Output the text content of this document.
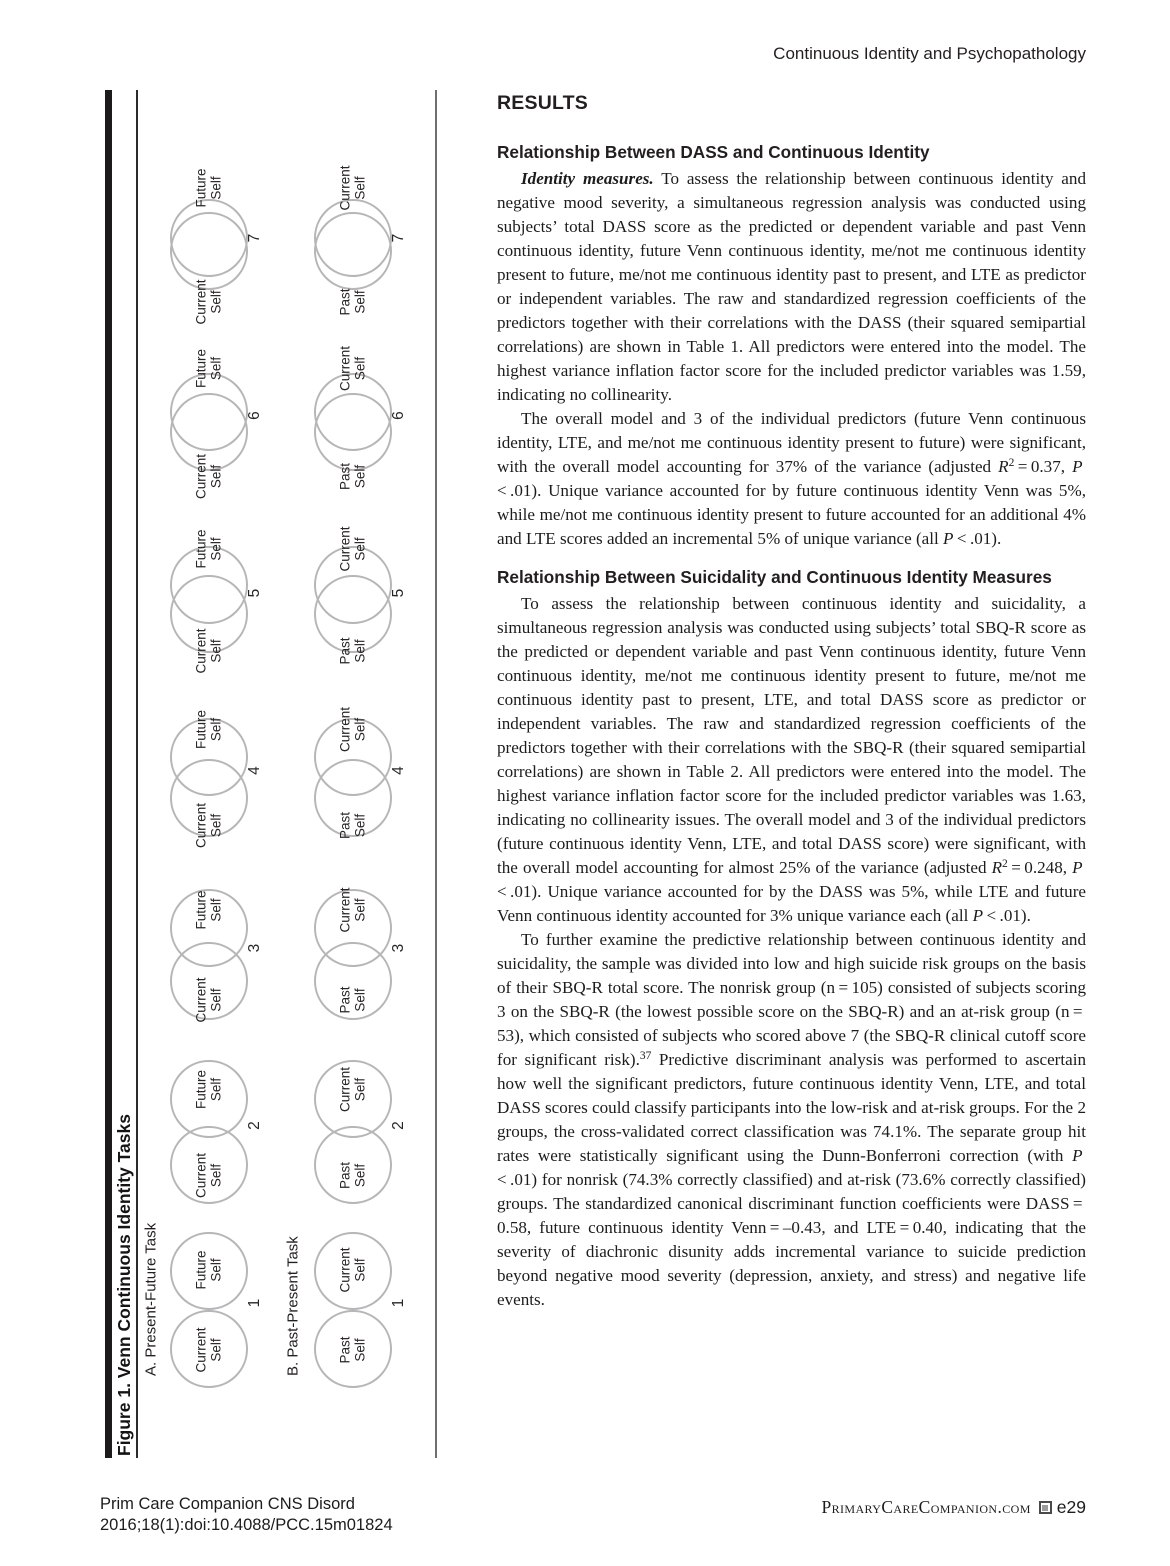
Continuous Identity and Psychopathology
Figure 1. Venn Continuous Identity Tasks A. Present-Future Task	Current
Self
Future
Self
1
Current
Self
Future
Self
2
Current
Self
Future
Self
3
Current
Self
Future
Self
4
Current
Self
Future
Self
5
Current
Self
Future
Self
6
Current
Self
Future
Self
7
B. Past-Present Task	Past
Self
Current
Self
1
Past
Self
Current
Self
2
Past
Self
Current
Self
3
Past
Self
Current
Self
4
Past
Self
Current
Self
5
Past
Self
Current
Self
6
Past
Self
Current
Self
7
RESULTS
Relationship Between DASS and Continuous Identity

Identity measures. To assess the relationship between continuous identity and negative mood severity, a simultaneous regression analysis was conducted using subjects’ total DASS score as the predicted or dependent variable and past Venn continuous identity, future Venn continuous identity, me/not me continuous identity present to future, me/not me continuous identity past to present, and LTE as predictor or independent variables. The raw and standardized regression coefficients of the predictors together with their correlations with the DASS (their squared semipartial correlations) are shown in Table 1. All predictors were entered into the model. The highest variance inflation factor score for the included predictor variables was 1.59, indicating no collinearity.

The overall model and 3 of the individual predictors (future Venn continuous identity, LTE, and me/not me continuous identity present to future) were significant, with the overall model accounting for 37% of the variance (adjusted $R^2 = 0.37$, P < .01). Unique variance accounted for by future continuous identity Venn was 5%, while me/not me continuous identity present to future accounted for an additional 4% and LTE scores added an incremental 5% of unique variance (all P < .01).

Relationship Between Suicidality and Continuous Identity Measures

To assess the relationship between continuous identity and suicidality, a simultaneous regression analysis was conducted using subjects’ total SBQ-R score as the predicted or dependent variable and past Venn continuous identity, future Venn continuous identity, me/not me continuous identity present to future, me/not me continuous identity past to present, LTE, and total DASS score as predictor or independent variables. The raw and standardized regression coefficients of the predictors together with their correlations with the SBQ-R (their squared semipartial correlations) are shown in Table 2. All predictors were entered into the model. The highest variance inflation factor score for the included predictor variables was 1.63, indicating no collinearity issues. The overall model and 3 of the individual predictors (future continuous identity Venn, LTE, and total DASS score) were significant, with the overall model accounting for almost 25% of the variance (adjusted $R^2 = 0.248$, P < .01). Unique variance accounted for by the DASS was 5%, while LTE and future Venn continuous identity accounted for 3% unique variance each (all P < .01).

To further examine the predictive relationship between continuous identity and suicidality, the sample was divided into low and high suicide risk groups on the basis of their SBQ-R total score. The nonrisk group (n = 105) consisted of subjects scoring 3 on the SBQ-R (the lowest possible score on the SBQ-R) and an at-risk group (n = 53), which consisted of subjects who scored above 7 (the SBQ-R clinical cutoff score for significant risk).$^{37}$ Predictive discriminant analysis was performed to ascertain how well the significant predictors, future continuous identity Venn, LTE, and total DASS scores could classify participants into the low-risk and at-risk groups. For the 2 groups, the cross-validated correct classification was 74.1%. The separate group hit rates were statistically significant using the Dunn-Bonferroni correction (with P < .01) for nonrisk (74.3% correctly classified) and at-risk (73.6% correctly classified) groups. The standardized canonical discriminant function coefficients were DASS = 0.58, future continuous identity Venn = –0.43, and LTE = 0.40, indicating that the severity of diachronic disunity adds incremental variance to suicide prediction beyond negative mood severity (depression, anxiety, and stress) and negative life events.

Prim Care Companion CNS Disord
2016;18(1):doi:10.4088/PCC.15m01824
PrimaryCareCompanion.com e29
